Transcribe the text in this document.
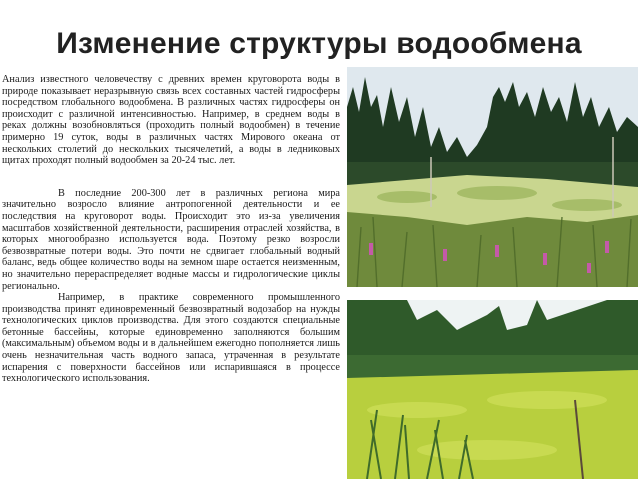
Изменение структуры водообмена

Анализ известного человечеству с древних времен круговорота воды в природе показывает неразрывную связь всех составных частей гидросферы посредством глобального водообмена. В различных частях гидросферы он происходит с различной интенсивностью. Например, в среднем воды в реках должны возобновляться (проходить полный водообмен) в течение примерно 19 суток, воды в различных частях Мирового океана от нескольких столетий до нескольких тысячелетий, а воды в ледниковых щитах проходят полный водообмен за 20-24 тыс. лет.

В последние 200-300 лет в различных региона мира значительно возросло влияние антропогенной деятельности и ее последствия на круговорот воды. Происходит это из-за увеличения масштабов хозяйственной деятельности, расширения отраслей хозяйства, в которых многообразно используется вода. Поэтому резко возросли безвозвратные потери воды. Это почти не сдвигает глобальный водный баланс, ведь общее количество воды на земном шаре остается неизменным, но значительно перераспределяет водные массы и гидрологические циклы регионально.

Например, в практике современного промышленного производства принят единовременный безвозвратный водозабор на нужды технологических циклов производства. Для этого создаются специальные бетонные бассейны, которые единовременно заполняются большим (максимальным) объемом воды и в дальнейшем ежегодно пополняется лишь очень незначительная часть водного запаса, утраченная в результате испарения с поверхности бассейнов или испарившаяся в процессе технологического использования.
